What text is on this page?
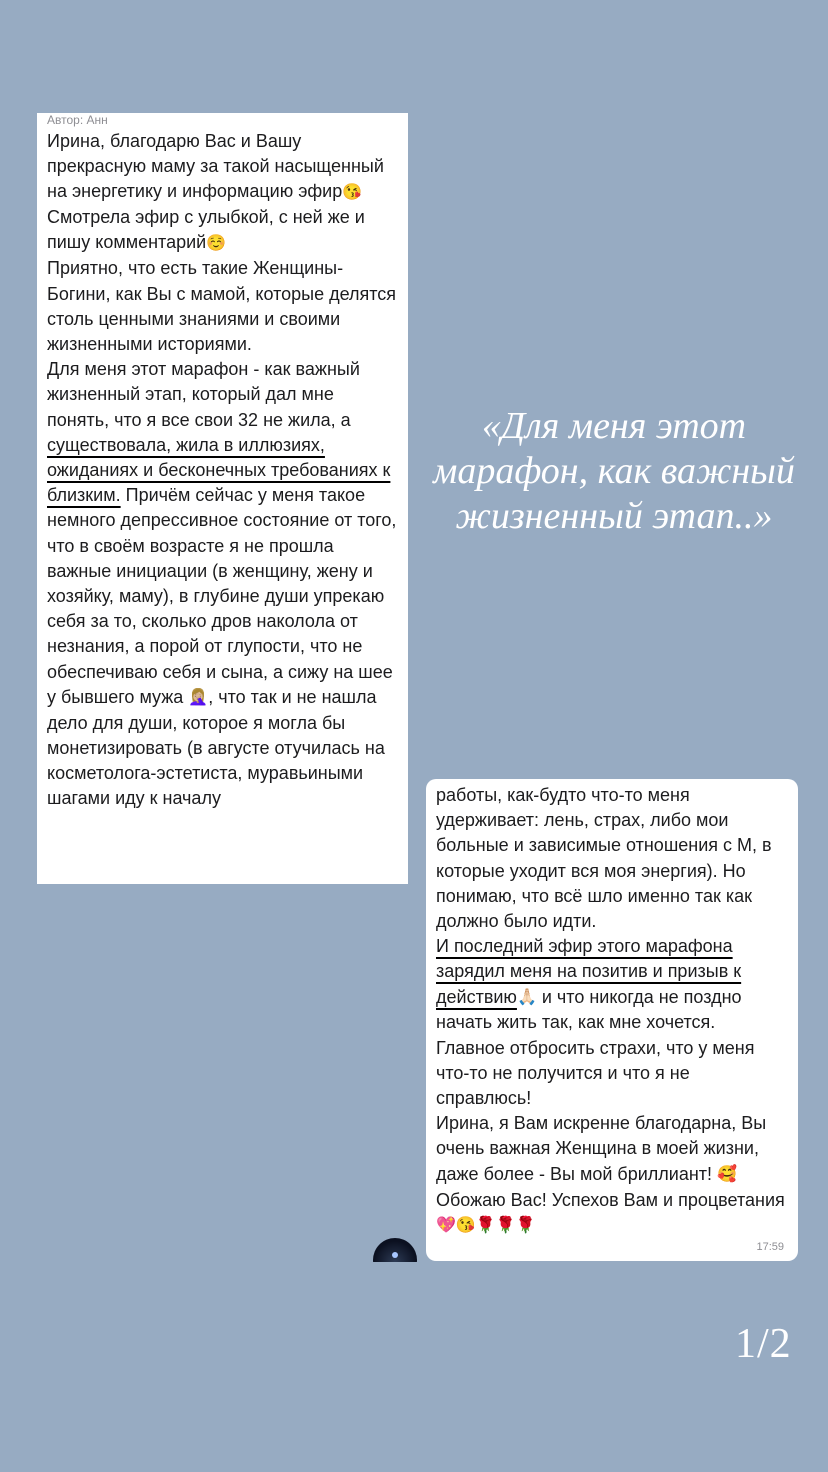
Автор: Анн

Ирина, благодарю Вас и Вашу прекрасную маму за такой насыщенный на энергетику и информацию эфир😘 Смотрела эфир с улыбкой, с ней же и пишу комментарий☺️
Приятно, что есть такие Женщины-Богини, как Вы с мамой, которые делятся столь ценными знаниями и своими жизненными историями.
Для меня этот марафон - как важный жизненный этап, который дал мне понять, что я все свои 32 не жила, а существовала, жила в иллюзиях, ожиданиях и бесконечных требованиях к близким. Причём сейчас у меня такое немного депрессивное состояние от того, что в своём возрасте я не прошла важные инициации (в женщину, жену и хозяйку, маму), в глубине души упрекаю себя за то, сколько дров наколола от незнания, а порой от глупости, что не обеспечиваю себя и сына, а сижу на шее у бывшего мужа 🤦🏼‍♀️, что так и не нашла дело для души, которое я могла бы монетизировать (в августе отучилась на косметолога-эстетиста, муравьиными шагами иду к началу

«Для меня этот марафон, как важный жизненный этап..»

работы, как-будто что-то меня удерживает: лень, страх, либо мои больные и зависимые отношения с М, в которые уходит вся моя энергия). Но понимаю, что всё шло именно так как должно было идти.
И последний эфир этого марафона зарядил меня на позитив и призыв к действию🙏🏻 и что никогда не поздно начать жить так, как мне хочется. Главное отбросить страхи, что у меня что-то не получится и что я не справлюсь!
Ирина, я Вам искренне благодарна, Вы очень важная Женщина в моей жизни, даже более - Вы мой бриллиант! 🥰Обожаю Вас! Успехов Вам и процветания 💖😘🌹🌹🌹

17:59
1/2
